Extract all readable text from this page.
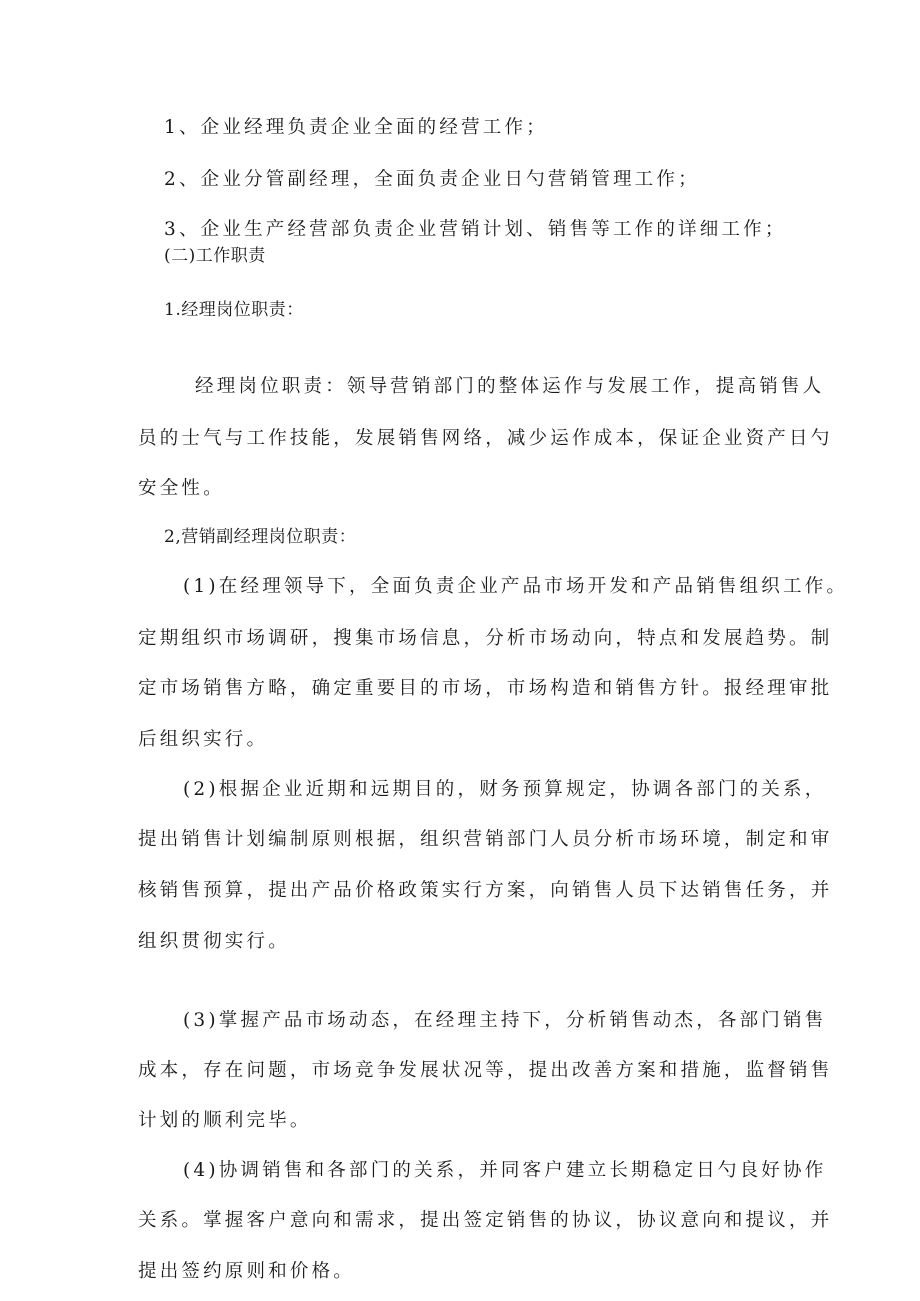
1、企业经理负责企业全面的经营工作；
2、企业分管副经理，全面负责企业日勺营销管理工作；
3、企业生产经营部负责企业营销计划、销售等工作的详细工作；
(二)工作职责
1.经理岗位职责：
经理岗位职责：领导营销部门的整体运作与发展工作，提高销售人
员的士气与工作技能，发展销售网络，减少运作成本，保证企业资产日勺
安全性。
2,营销副经理岗位职责：
(1)在经理领导下，全面负责企业产品市场开发和产品销售组织工作。
定期组织市场调研，搜集市场信息，分析市场动向，特点和发展趋势。制
定市场销售方略，确定重要目的市场，市场构造和销售方针。报经理审批
后组织实行。
(2)根据企业近期和远期目的，财务预算规定，协调各部门的关系，
提出销售计划编制原则根据，组织营销部门人员分析市场环境，制定和审
核销售预算，提出产品价格政策实行方案，向销售人员下达销售任务，并
组织贯彻实行。
(3)掌握产品市场动态，在经理主持下，分析销售动杰，各部门销售
成本，存在问题，市场竞争发展状况等，提出改善方案和措施，监督销售
计划的顺利完毕。
(4)协调销售和各部门的关系，并同客户建立长期稳定日勺良好协作
关系。掌握客户意向和需求，提出签定销售的协议，协议意向和提议，并
提出签约原则和价格。
